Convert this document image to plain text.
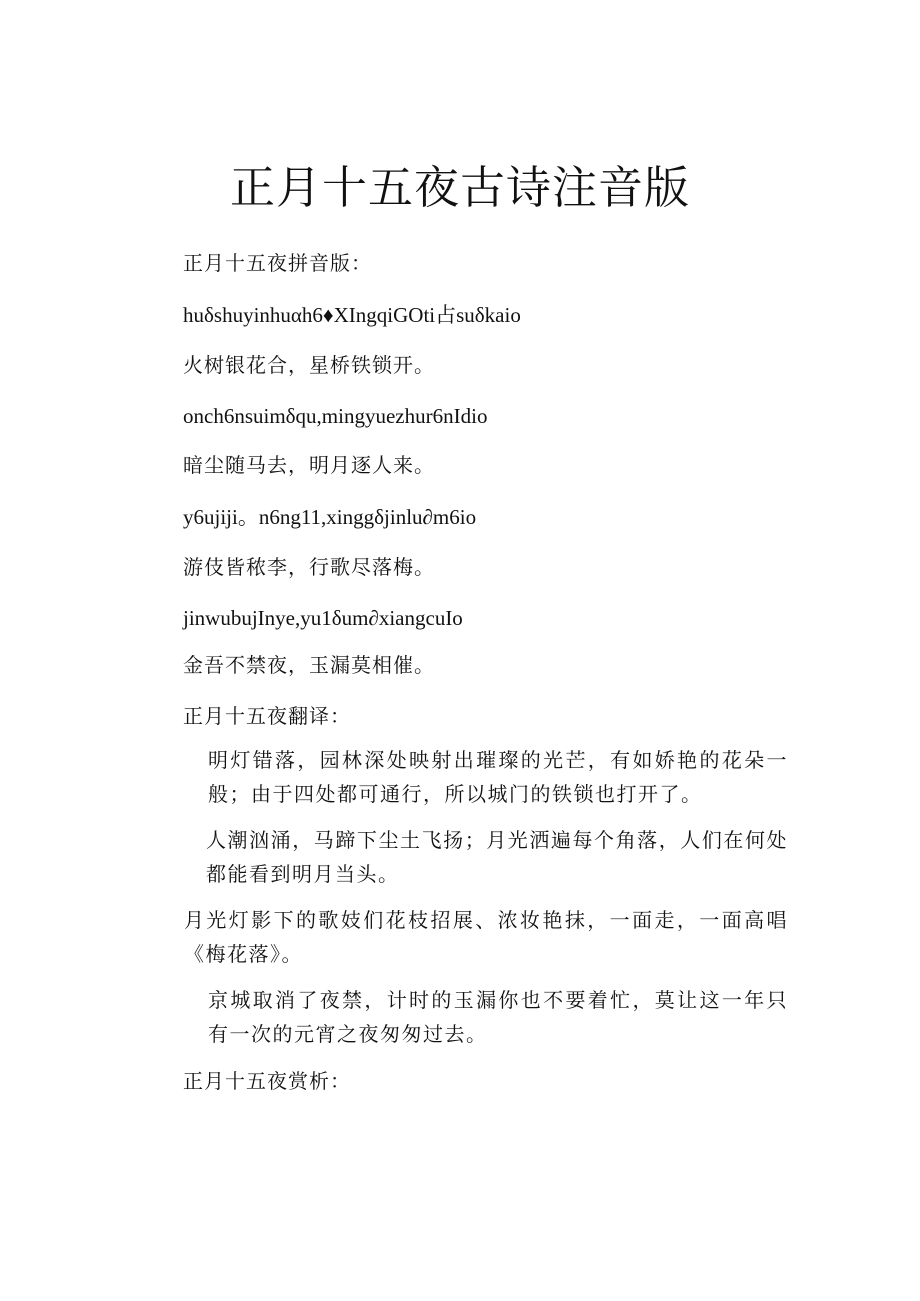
正月十五夜古诗注音版
正月十五夜拼音版：
huδshuyinhuαh6♦XIngqiGOti占suδkaio
火树银花合，星桥铁锁开。
onch6nsuimδqu,mingyuezhur6nIdio
暗尘随马去，明月逐人来。
y6ujiji。n6ng11,xinggδjinlu∂m6io
游伎皆秾李，行歌尽落梅。
jinwubujInye,yu1δum∂xiangcuIo
金吾不禁夜，玉漏莫相催。
正月十五夜翻译：
明灯错落，园林深处映射出璀璨的光芒，有如娇艳的花朵一般；由于四处都可通行，所以城门的铁锁也打开了。
人潮汹涌，马蹄下尘土飞扬；月光洒遍每个角落，人们在何处都能看到明月当头。
月光灯影下的歌妓们花枝招展、浓妆艳抹，一面走，一面高唱《梅花落》。
京城取消了夜禁，计时的玉漏你也不要着忙，莫让这一年只有一次的元宵之夜匆匆过去。
正月十五夜赏析：
